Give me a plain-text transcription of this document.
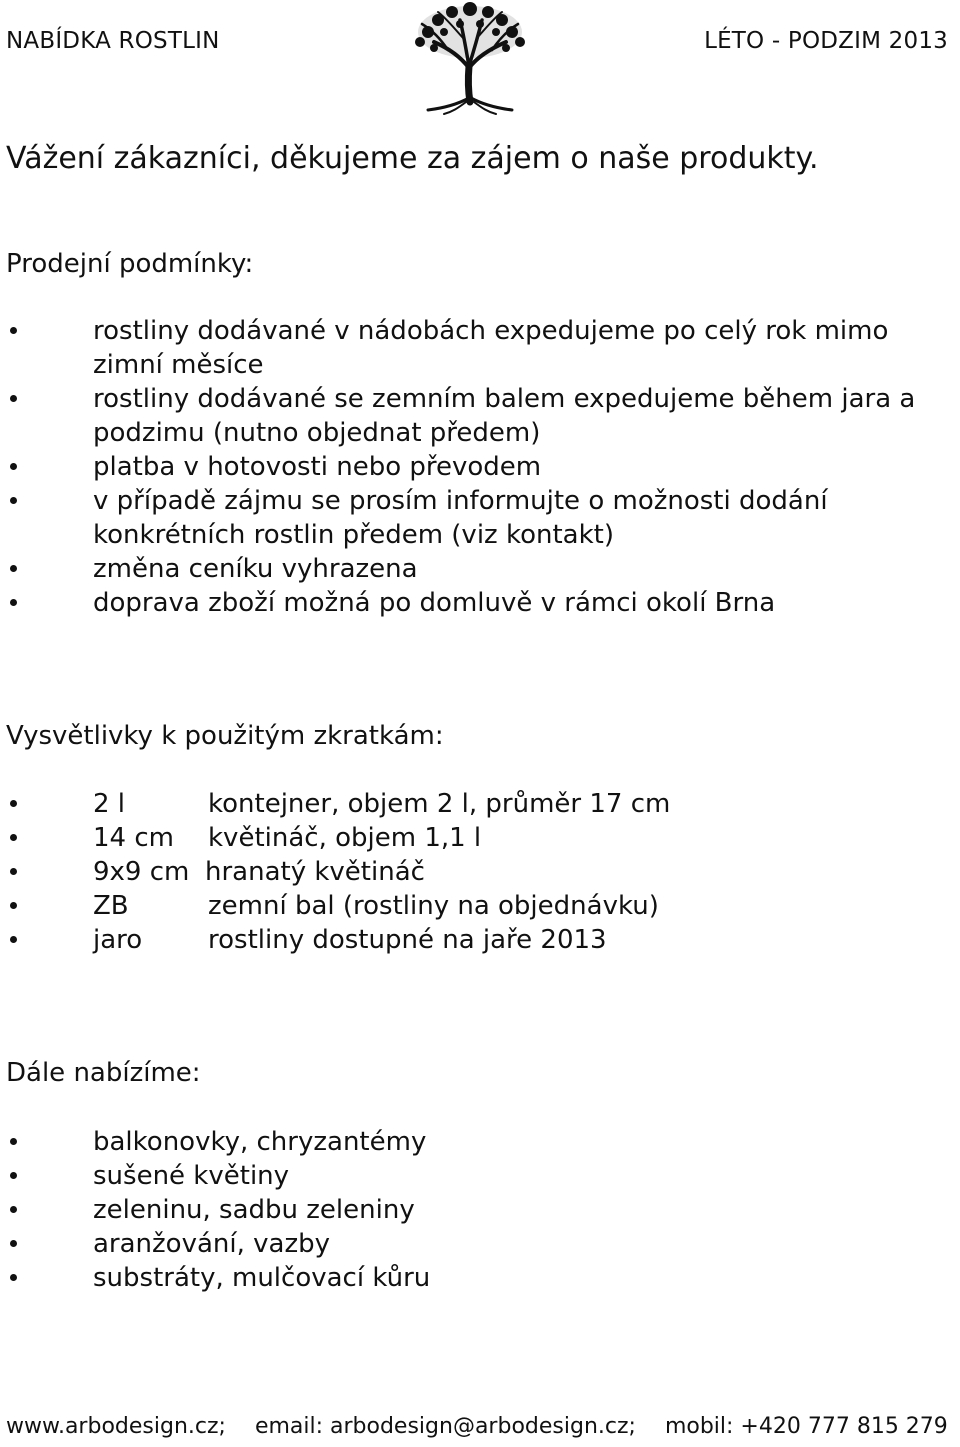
NABÍDKA ROSTLIN	LÉTO - PODZIM 2013
Vážení zákazníci, děkujeme za zájem o naše produkty.
Prodejní podmínky:
rostliny dodávané v nádobách expedujeme po celý rok mimo zimní měsíce
rostliny dodávané se zemním balem expedujeme během jara a podzimu (nutno objednat předem)
platba v hotovosti nebo převodem
v případě zájmu se prosím informujte o možnosti dodání konkrétních rostlin předem (viz kontakt)
změna ceníku vyhrazena
doprava zboží možná po domluvě v rámci okolí Brna
Vysvětlivky k použitým zkratkám:
2 l	kontejner, objem 2 l, průměr 17 cm
14 cm květináč, objem 1,1 l
9x9 cm hranatý květináč
ZB	zemní bal (rostliny na objednávku)
jaro	rostliny dostupné na jaře 2013
Dále nabízíme:
balkonovky, chryzantémy
sušené květiny
zeleninu, sadbu zeleniny
aranžování, vazby
substráty, mulčovací kůru
www.arbodesign.cz; email: arbodesign@arbodesign.cz; mobil: +420 777 815 279
